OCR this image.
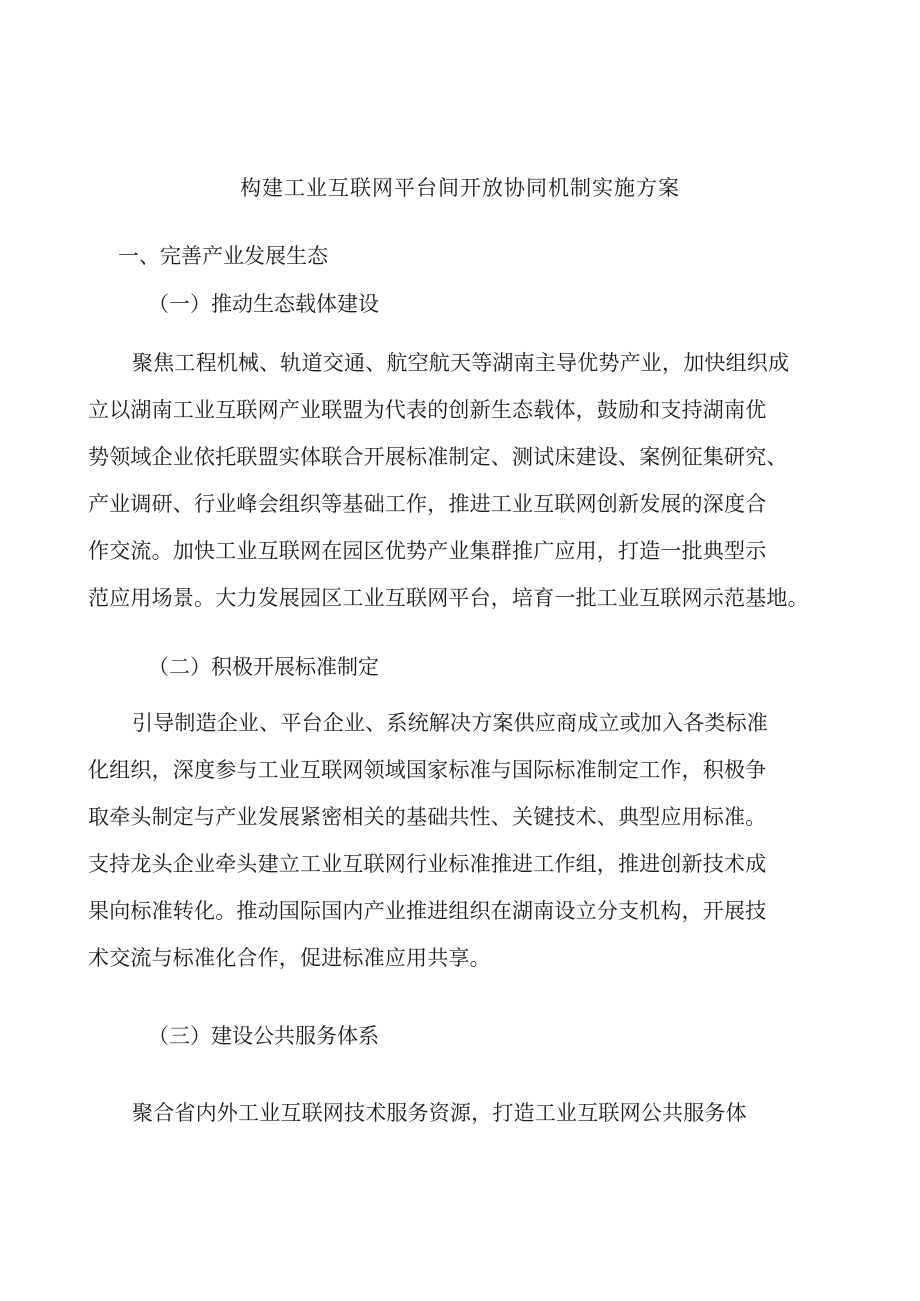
构建工业互联网平台间开放协同机制实施方案
一、完善产业发展生态
（一）推动生态载体建设
聚焦工程机械、轨道交通、航空航天等湖南主导优势产业，加快组织成
立以湖南工业互联网产业联盟为代表的创新生态载体，鼓励和支持湖南优
势领域企业依托联盟实体联合开展标准制定、测试床建设、案例征集研究、
产业调研、行业峰会组织等基础工作，推进工业互联网创新发展的深度合
作交流。加快工业互联网在园区优势产业集群推广应用，打造一批典型示
范应用场景。大力发展园区工业互联网平台，培育一批工业互联网示范基地。
（二）积极开展标准制定
引导制造企业、平台企业、系统解决方案供应商成立或加入各类标准
化组织，深度参与工业互联网领域国家标准与国际标准制定工作，积极争
取牵头制定与产业发展紧密相关的基础共性、关键技术、典型应用标准。
支持龙头企业牵头建立工业互联网行业标准推进工作组，推进创新技术成
果向标准转化。推动国际国内产业推进组织在湖南设立分支机构，开展技
术交流与标准化合作，促进标准应用共享。
（三）建设公共服务体系
聚合省内外工业互联网技术服务资源，打造工业互联网公共服务体
